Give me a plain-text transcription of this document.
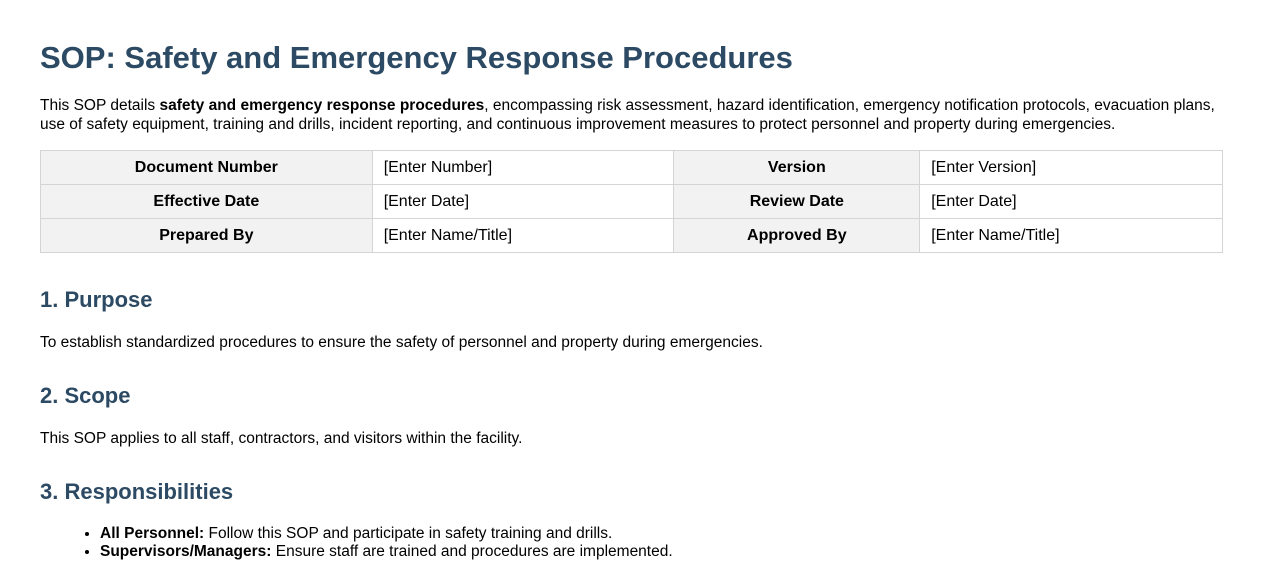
SOP: Safety and Emergency Response Procedures

This SOP details safety and emergency response procedures, encompassing risk assessment, hazard identification, emergency notification protocols, evacuation plans, use of safety equipment, training and drills, incident reporting, and continuous improvement measures to protect personnel and property during emergencies.

Document Number	[Enter Number]	Version	[Enter Version]
Effective Date	[Enter Date]	Review Date	[Enter Date]
Prepared By	[Enter Name/Title]	Approved By	[Enter Name/Title]
1. Purpose

To establish standardized procedures to ensure the safety of personnel and property during emergencies.

2. Scope

This SOP applies to all staff, contractors, and visitors within the facility.

3. Responsibilities
• All Personnel: Follow this SOP and participate in safety training and drills.
• Supervisors/Managers: Ensure staff are trained and procedures are implemented.
